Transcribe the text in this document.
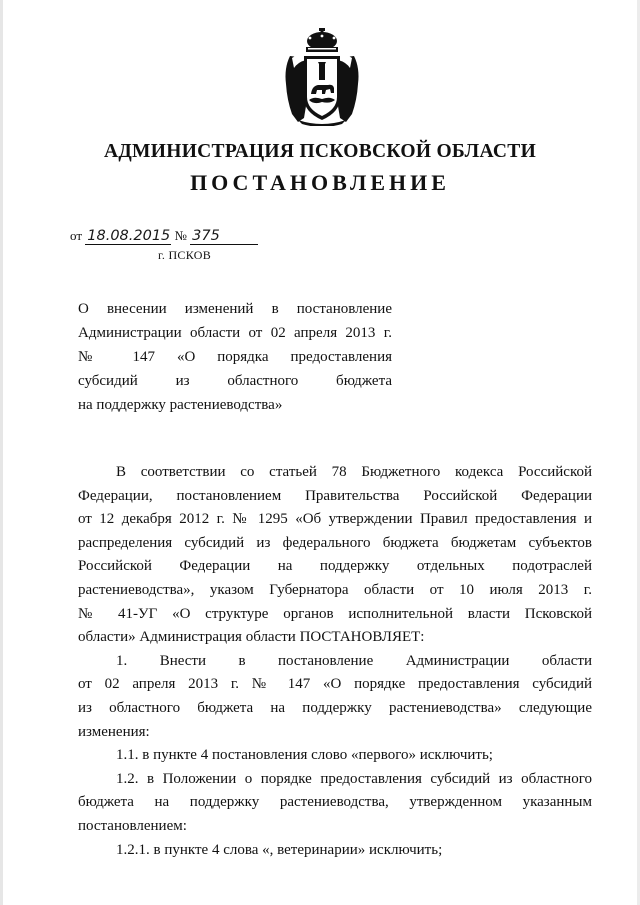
АДМИНИСТРАЦИЯ ПСКОВСКОЙ ОБЛАСТИ
ПОСТАНОВЛЕНИЕ
от 18.08.2015 № 375
г. ПСКОВ
О внесении изменений в постановление
Администрации области от 02 апреля 2013 г.
№ 147 «О порядка предоставления
субсидий из областного бюджета
на поддержку растениеводства»
В соответствии со статьей 78 Бюджетного кодекса Российской
Федерации, постановлением Правительства Российской Федерации
от 12 декабря 2012 г. № 1295 «Об утверждении Правил предоставления и
распределения субсидий из федерального бюджета бюджетам субъектов
Российской Федерации на поддержку отдельных подотраслей
растениеводства», указом Губернатора области от 10 июля 2013 г.
№ 41-УГ «О структуре органов исполнительной власти Псковской
области» Администрация области ПОСТАНОВЛЯЕТ:
1. Внести в постановление Администрации области
от 02 апреля 2013 г. № 147 «О порядке предоставления субсидий
из областного бюджета на поддержку растениеводства» следующие
изменения:
1.1. в пункте 4 постановления слово «первого» исключить;
1.2. в Положении о порядке предоставления субсидий из областного
бюджета на поддержку растениеводства, утвержденном указанным
постановлением:
1.2.1. в пункте 4 слова «, ветеринарии» исключить;
